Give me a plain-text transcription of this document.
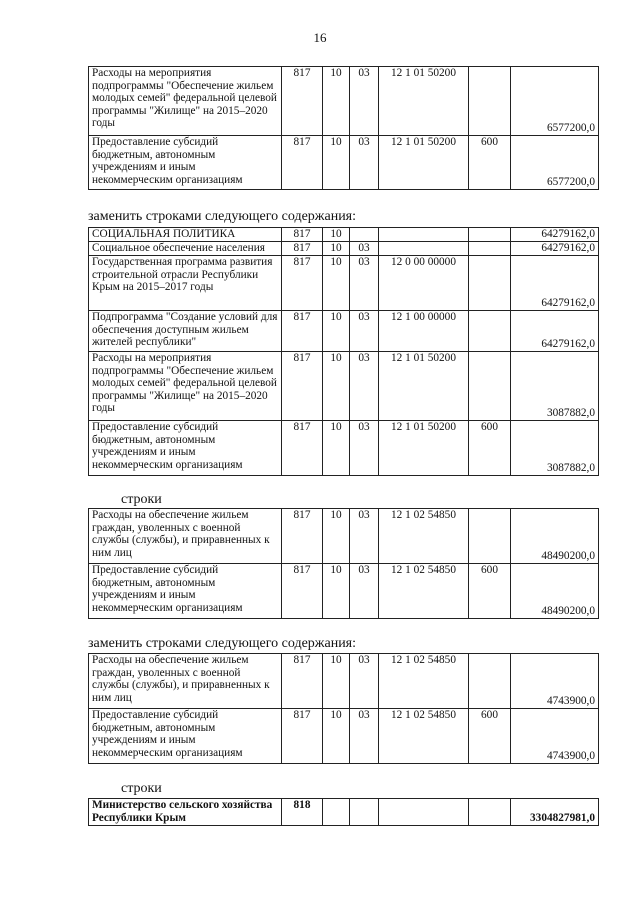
16
Расходы на мероприятия подпрограммы "Обеспечение жильем молодых семей" федеральной целевой программы "Жилище" на 2015–2020 годы	817	10	03	12 1 01 50200		6577200,0
Предоставление субсидий бюджетным, автономным учреждениям и иным некоммерческим организациям	817	10	03	12 1 01 50200	600	6577200,0
заменить строками следующего содержания:
СОЦИАЛЬНАЯ ПОЛИТИКА	817	10				64279162,0
Социальное обеспечение населения	817	10	03			64279162,0
Государственная программа развития строительной отрасли Республики Крым на 2015–2017 годы	817	10	03	12 0 00 00000		64279162,0
Подпрограмма "Создание условий для обеспечения доступным жильем жителей республики"	817	10	03	12 1 00 00000		64279162,0
Расходы на мероприятия подпрограммы "Обеспечение жильем молодых семей" федеральной целевой программы "Жилище" на 2015–2020 годы	817	10	03	12 1 01 50200		3087882,0
Предоставление субсидий бюджетным, автономным учреждениям и иным некоммерческим организациям	817	10	03	12 1 01 50200	600	3087882,0
строки
Расходы на обеспечение жильем граждан, уволенных с военной службы (службы), и приравненных к ним лиц	817	10	03	12 1 02 54850		48490200,0
Предоставление субсидий бюджетным, автономным учреждениям и иным некоммерческим организациям	817	10	03	12 1 02 54850	600	48490200,0
заменить строками следующего содержания:
Расходы на обеспечение жильем граждан, уволенных с военной службы (службы), и приравненных к ним лиц	817	10	03	12 1 02 54850		4743900,0
Предоставление субсидий бюджетным, автономным учреждениям и иным некоммерческим организациям	817	10	03	12 1 02 54850	600	4743900,0
строки
Министерство сельского хозяйства Республики Крым	818					3304827981,0
